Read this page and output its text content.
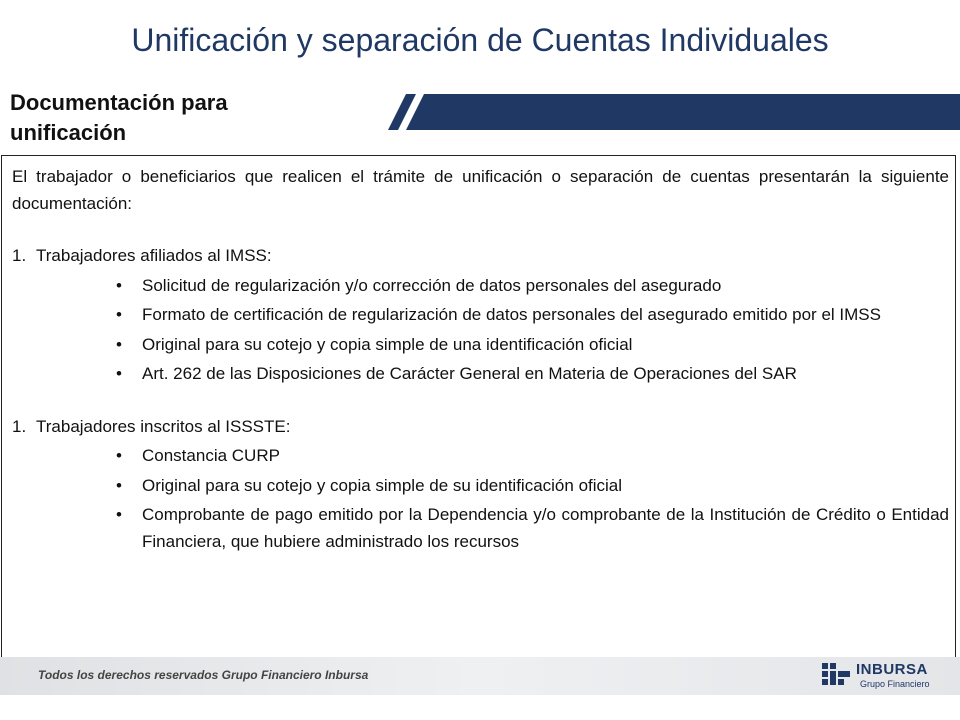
Unificación y separación de Cuentas Individuales
Documentación para unificación

El trabajador o beneficiarios que realicen el trámite de unificación o separación de cuentas presentarán la siguiente documentación:

1. Trabajadores afiliados al IMSS:
• Solicitud de regularización y/o corrección de datos personales del asegurado
• Formato de certificación de regularización de datos personales del asegurado emitido por el IMSS
• Original para su cotejo y copia simple de una identificación oficial
• Art. 262 de las Disposiciones de Carácter General en Materia de Operaciones del SAR
1. Trabajadores inscritos al ISSSTE:
• Constancia CURP
• Original para su cotejo y copia simple de su identificación oficial
• Comprobante de pago emitido por la Dependencia y/o comprobante de la Institución de Crédito o Entidad Financiera, que hubiere administrado los recursos
Todos los derechos reservados Grupo Financiero Inbursa	INBURSA
Grupo Financiero
